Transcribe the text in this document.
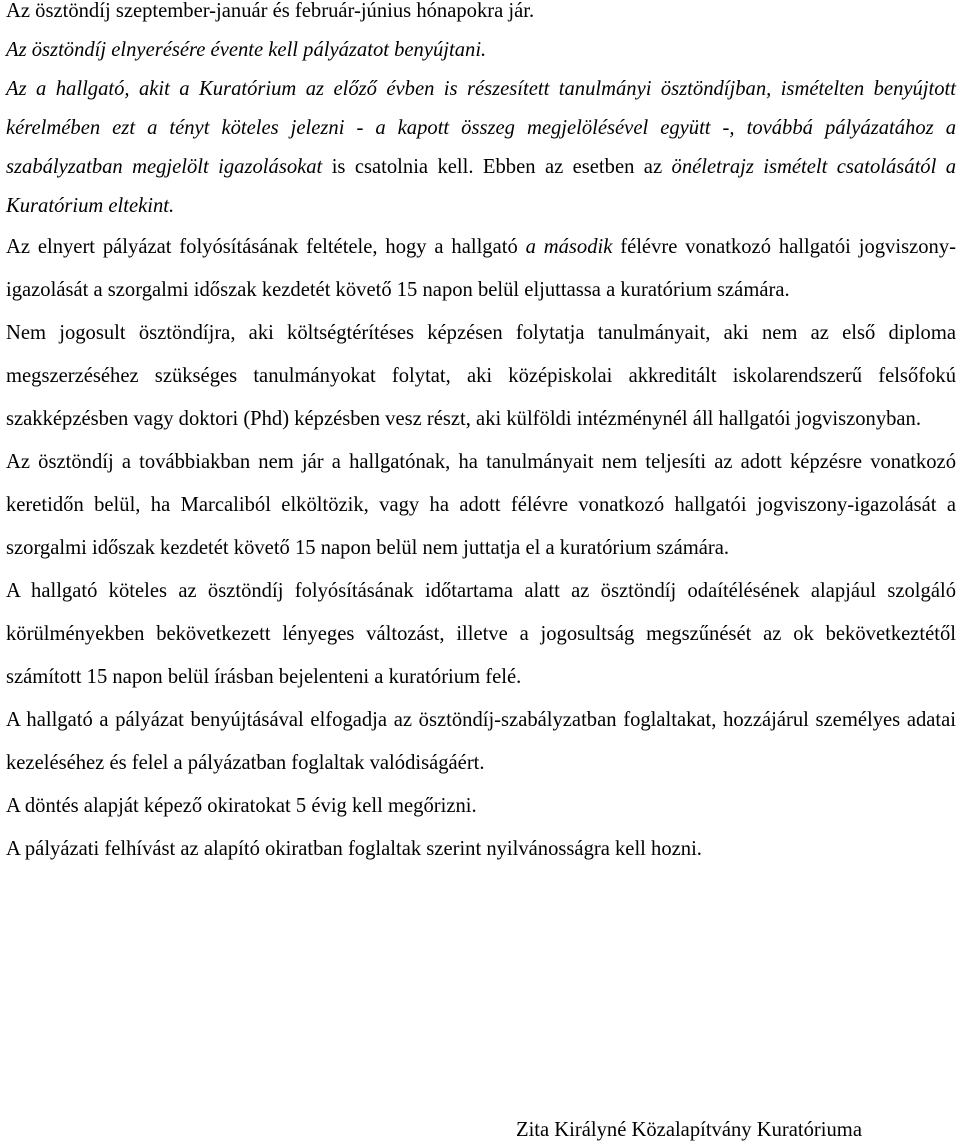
Az ösztöndíj szeptember-január és február-június hónapokra jár.

Az ösztöndíj elnyerésére évente kell pályázatot benyújtani.

Az a hallgató, akit a Kuratórium az előző évben is részesített tanulmányi ösztöndíjban, ismételten benyújtott kérelmében ezt a tényt köteles jelezni - a kapott összeg megjelölésével együtt -, továbbá pályázatához a szabályzatban megjelölt igazolásokat is csatolnia kell. Ebben az esetben az önéletrajz ismételt csatolásától a Kuratórium eltekint.

Az elnyert pályázat folyósításának feltétele, hogy a hallgató a második félévre vonatkozó hallgatói jogviszony-igazolását a szorgalmi időszak kezdetét követő 15 napon belül eljuttassa a kuratórium számára.

Nem jogosult ösztöndíjra, aki költségtérítéses képzésen folytatja tanulmányait, aki nem az első diploma megszerzéséhez szükséges tanulmányokat folytat, aki középiskolai akkreditált iskolarendszerű felsőfokú szakképzésben vagy doktori (Phd) képzésben vesz részt, aki külföldi intézménynél áll hallgatói jogviszonyban.

Az ösztöndíj a továbbiakban nem jár a hallgatónak, ha tanulmányait nem teljesíti az adott képzésre vonatkozó keretidőn belül, ha Marcaliból elköltözik, vagy ha adott félévre vonatkozó hallgatói jogviszony-igazolását a szorgalmi időszak kezdetét követő 15 napon belül nem juttatja el a kuratórium számára.

A hallgató köteles az ösztöndíj folyósításának időtartama alatt az ösztöndíj odaítélésének alapjául szolgáló körülményekben bekövetkezett lényeges változást, illetve a jogosultság megszűnését az ok bekövetkeztétől számított 15 napon belül írásban bejelenteni a kuratórium felé.

A hallgató a pályázat benyújtásával elfogadja az ösztöndíj-szabályzatban foglaltakat, hozzájárul személyes adatai kezeléséhez és felel a pályázatban foglaltak valódiságáért.

A döntés alapját képező okiratokat 5 évig kell megőrizni.

A pályázati felhívást az alapító okiratban foglaltak szerint nyilvánosságra kell hozni.

Zita Királyné Közalapítvány Kuratóriuma
